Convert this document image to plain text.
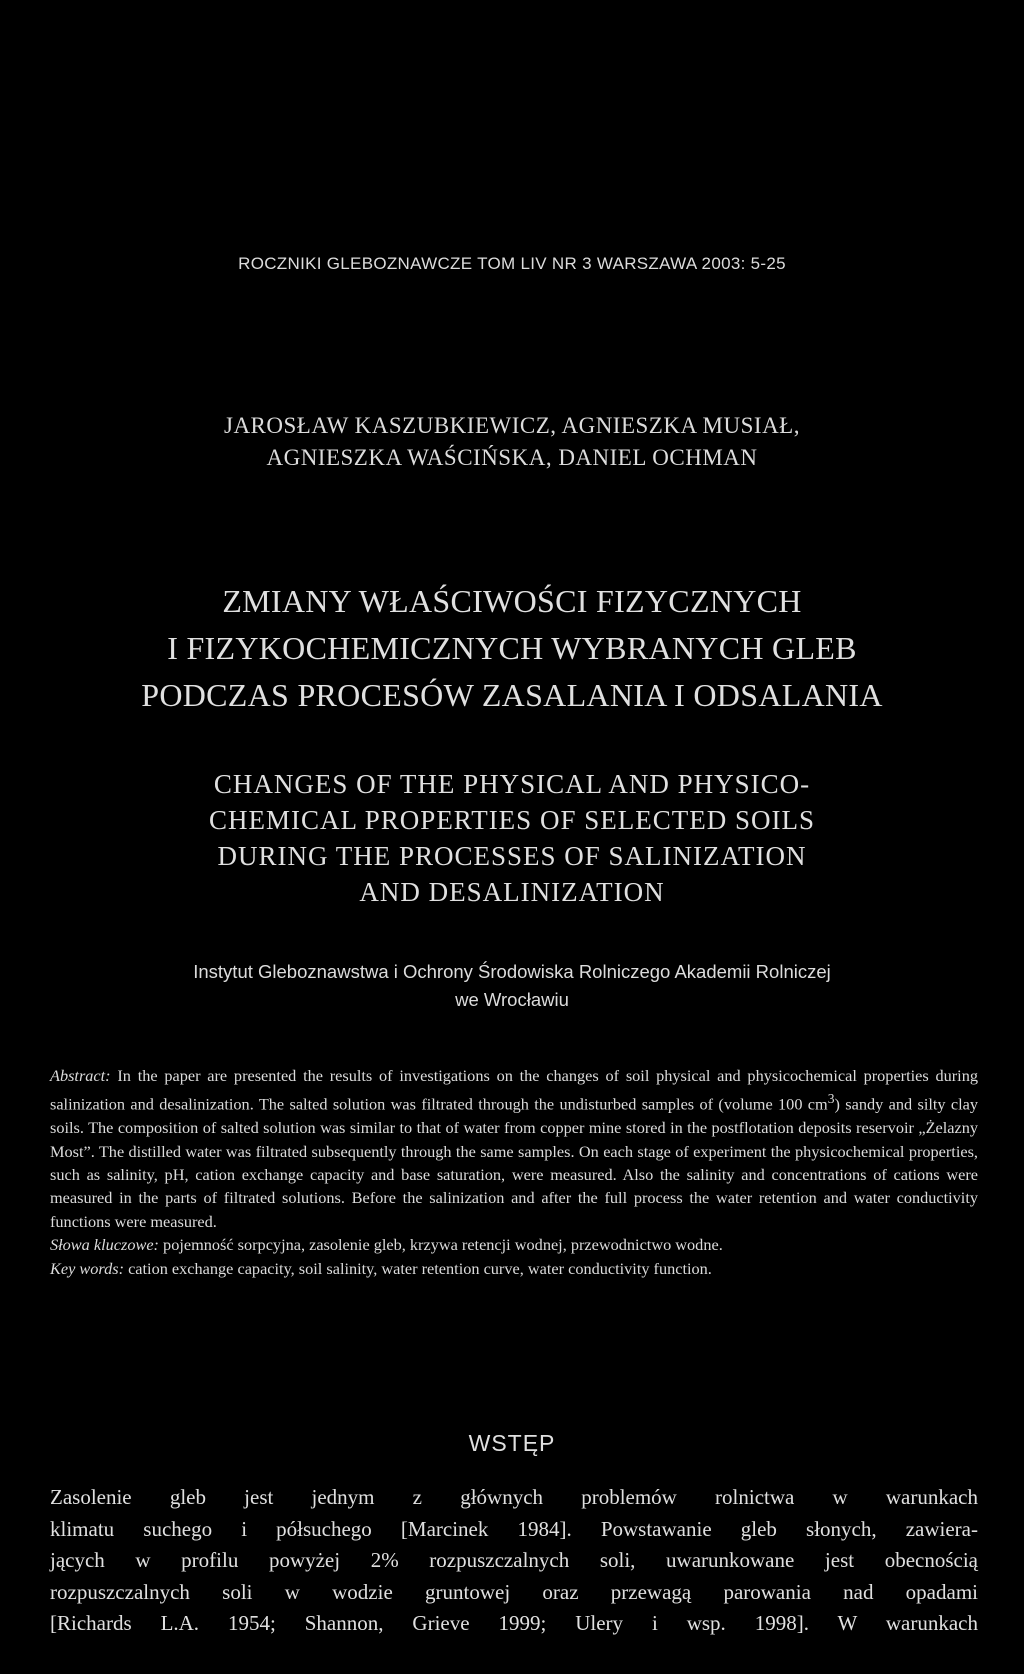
ROCZNIKI GLEBOZNAWCZE TOM LIV NR 3 WARSZAWA 2003: 5-25
JAROSŁAW KASZUBKIEWICZ, AGNIESZKA MUSIAŁ,
AGNIESZKA WAŚCIŃSKA, DANIEL OCHMAN
ZMIANY WŁAŚCIWOŚCI FIZYCZNYCH
I FIZYKOCHEMICZNYCH WYBRANYCH GLEB
PODCZAS PROCESÓW ZASALANIA I ODSALANIA
CHANGES OF THE PHYSICAL AND PHYSICO-
CHEMICAL PROPERTIES OF SELECTED SOILS
DURING THE PROCESSES OF SALINIZATION
AND DESALINIZATION
Instytut Gleboznawstwa i Ochrony Środowiska Rolniczego Akademii Rolniczej
we Wrocławiu

Abstract: In the paper are presented the results of investigations on the changes of soil physical and physicochemical properties during salinization and desalinization. The salted solution was filtrated through the undisturbed samples of (volume 100 $cm^3$) sandy and silty clay soils. The composition of salted solution was similar to that of water from copper mine stored in the postflotation deposits reservoir „Żelazny Most”. The distilled water was filtrated subsequently through the same samples. On each stage of experiment the physicochemical properties, such as salinity, pH, cation exchange capacity and base saturation, were measured. Also the salinity and concentrations of cations were measured in the parts of filtrated solutions. Before the salinization and after the full process the water retention and water conductivity functions were measured.

Słowa kluczowe: pojemność sorpcyjna, zasolenie gleb, krzywa retencji wodnej, przewodnictwo wodne.

Key words: cation exchange capacity, soil salinity, water retention curve, water conductivity function.

WSTĘP
Zasolenie gleb jest jednym z głównych problemów rolnictwa w warunkach
klimatu suchego i półsuchego [Marcinek 1984]. Powstawanie gleb słonych, zawiera-
jących w profilu powyżej 2% rozpuszczalnych soli, uwarunkowane jest obecnością
rozpuszczalnych soli w wodzie gruntowej oraz przewagą parowania nad opadami
[Richards L.A. 1954; Shannon, Grieve 1999; Ulery i wsp. 1998]. W warunkach
